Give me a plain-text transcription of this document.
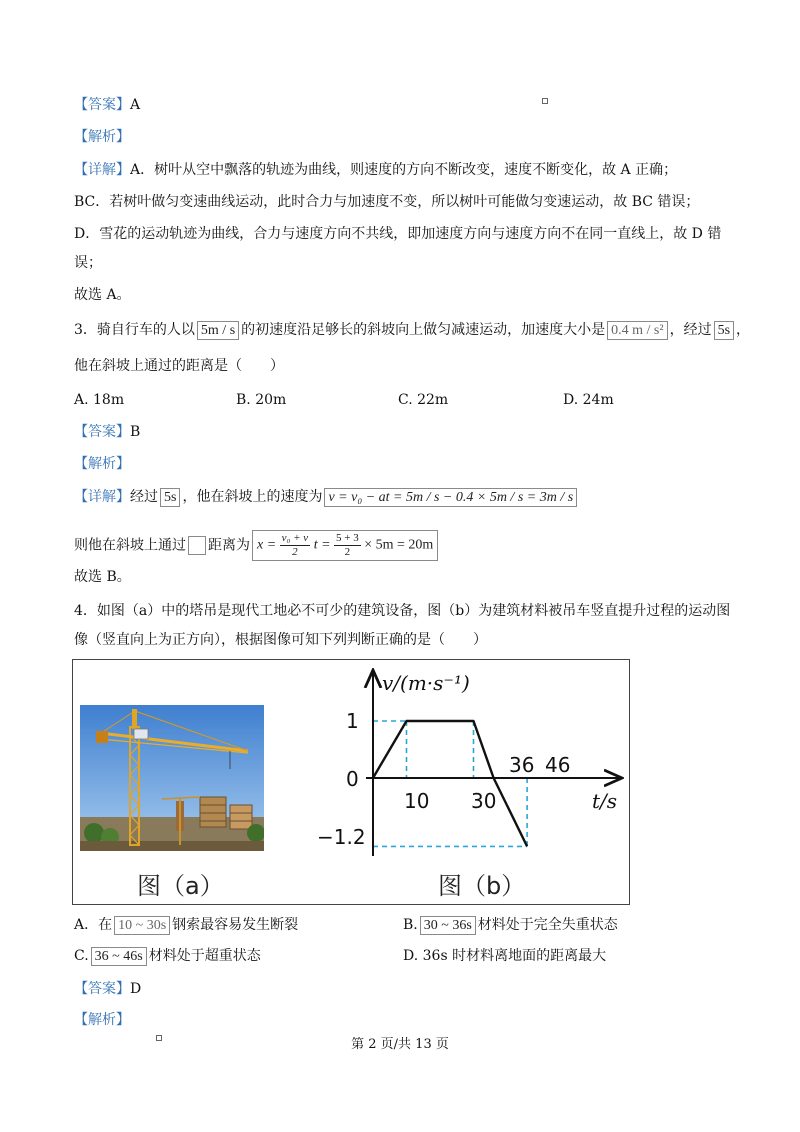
【答案】A
【解析】
【详解】A．树叶从空中飘落的轨迹为曲线，则速度的方向不断改变，速度不断变化，故 A 正确；
BC．若树叶做匀变速曲线运动，此时合力与加速度不变，所以树叶可能做匀变速运动，故 BC 错误；
D．雪花的运动轨迹为曲线，合力与速度方向不共线，即加速度方向与速度方向不在同一直线上，故 D 错
误；
故选 A。
3．骑自行车的人以 5m / s 的初速度沿足够长的斜坡向上做匀减速运动，加速度大小是 0.4 m / s² ，经过 5s ，
他在斜坡上通过的距离是（　　）
A. 18m	B. 20m	C. 22m	D. 24m
【答案】B
【解析】
【详解】经过 5s ，他在斜坡上的速度为 v = v₀ − at = 5m / s − 0.4 × 5m / s = 3m / s
则他在斜坡上通过 距离为 $x = \frac{\text{v₀ + v}}{2}$ $t = \frac{5 + 3}{2} \times 5m = 20m$
故选 B。
4．如图（a）中的塔吊是现代工地必不可少的建筑设备，图（b）为建筑材料被吊车竖直提升过程的运动图
像（竖直向上为正方向），根据图像可知下列判断正确的是（　　）
v/(m·s⁻¹)
t/s
1
0
−1.2
10 30
36 46
图（a）	图（b）
A．在 10 ~ 30s 钢索最容易发生断裂	B. 30 ~ 36s 材料处于完全失重状态
C. 36 ~ 46s 材料处于超重状态	D. 36s 时材料离地面的距离最大
【答案】D
【解析】
第 2 页/共 13 页
